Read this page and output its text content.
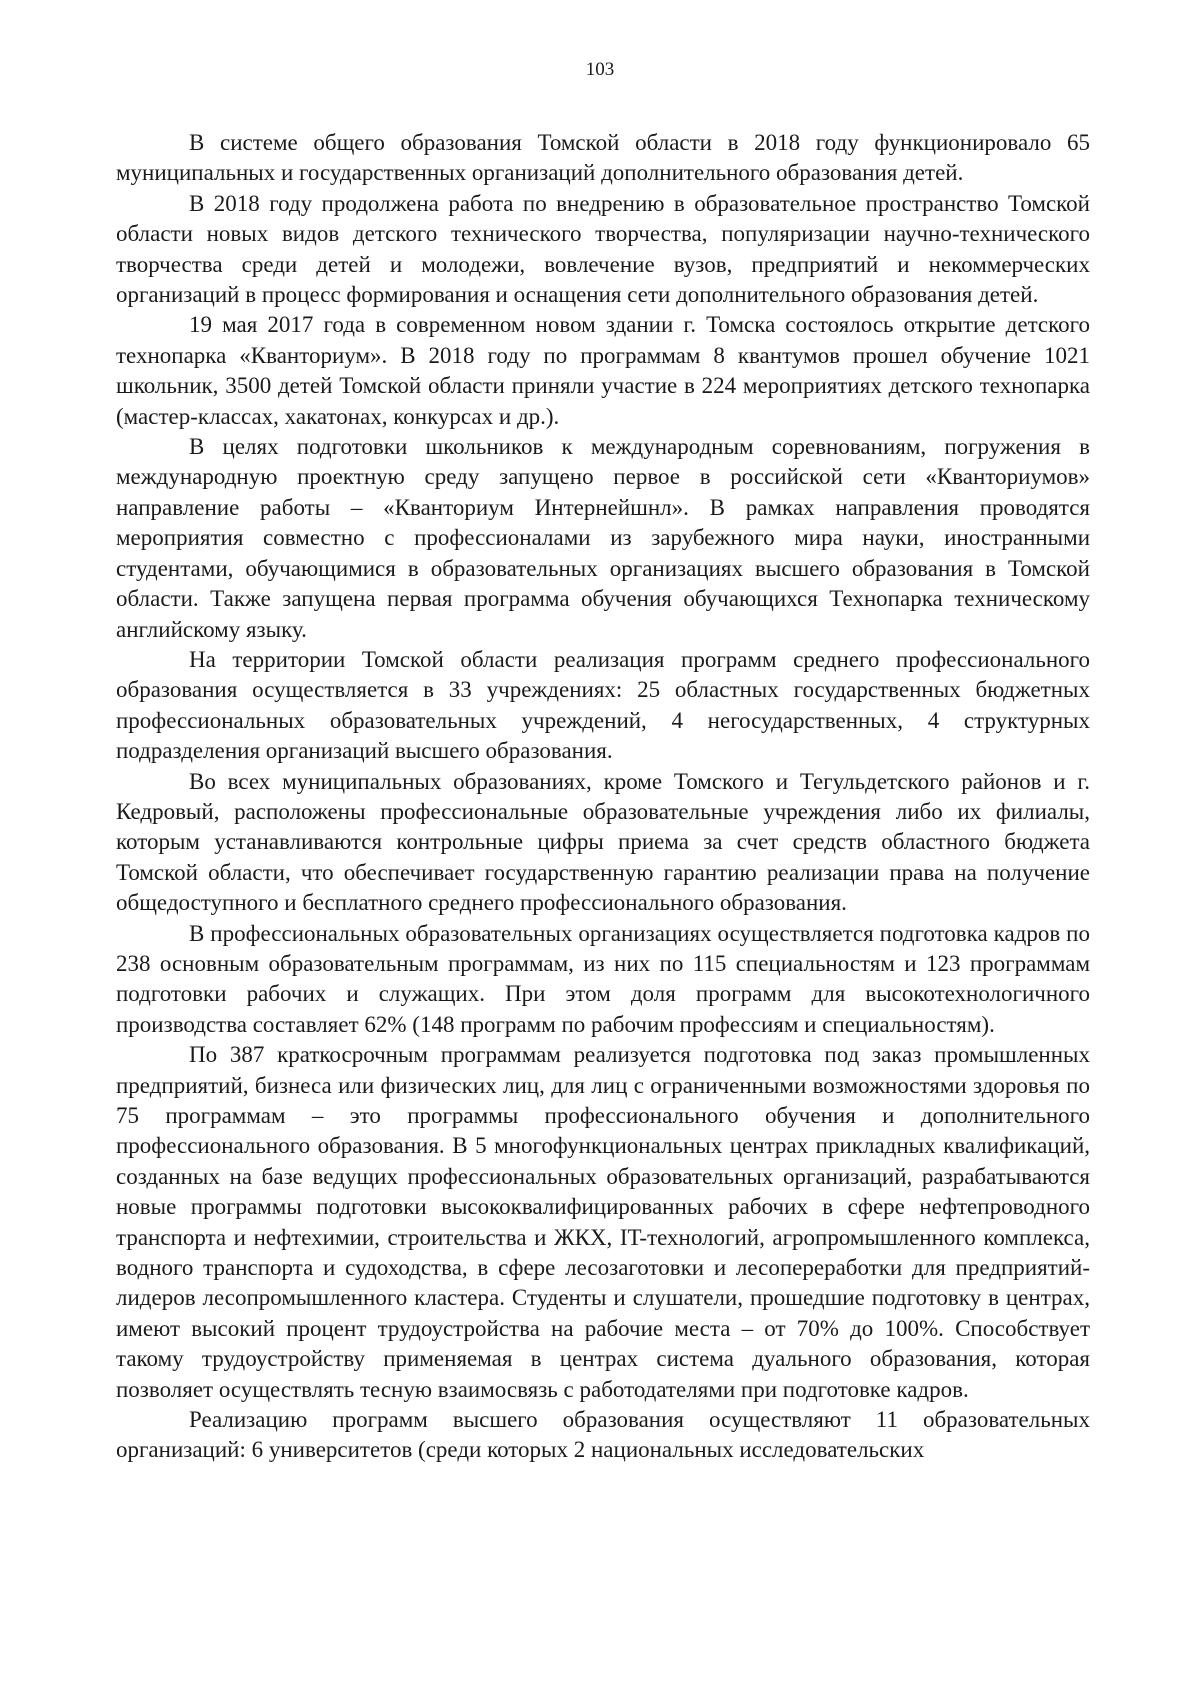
103

В системе общего образования Томской области в 2018 году функционировало 65 муниципальных и государственных организаций дополнительного образования детей.

В 2018 году продолжена работа по внедрению в образовательное пространство Томской области новых видов детского технического творчества, популяризации научно-технического творчества среди детей и молодежи, вовлечение вузов, предприятий и некоммерческих организаций в процесс формирования и оснащения сети дополнительного образования детей.

19 мая 2017 года в современном новом здании г. Томска состоялось открытие детского технопарка «Кванториум». В 2018 году по программам 8 квантумов прошел обучение 1021 школьник, 3500 детей Томской области приняли участие в 224 мероприятиях детского технопарка (мастер-классах, хакатонах, конкурсах и др.).

В целях подготовки школьников к международным соревнованиям, погружения в международную проектную среду запущено первое в российской сети «Кванториумов» направление работы – «Кванториум Интернейшнл». В рамках направления проводятся мероприятия совместно с профессионалами из зарубежного мира науки, иностранными студентами, обучающимися в образовательных организациях высшего образования в Томской области. Также запущена первая программа обучения обучающихся Технопарка техническому английскому языку.

На территории Томской области реализация программ среднего профессионального образования осуществляется в 33 учреждениях: 25 областных государственных бюджетных профессиональных образовательных учреждений, 4 негосударственных, 4 структурных подразделения организаций высшего образования.

Во всех муниципальных образованиях, кроме Томского и Тегульдетского районов и г. Кедровый, расположены профессиональные образовательные учреждения либо их филиалы, которым устанавливаются контрольные цифры приема за счет средств областного бюджета Томской области, что обеспечивает государственную гарантию реализации права на получение общедоступного и бесплатного среднего профессионального образования.

В профессиональных образовательных организациях осуществляется подготовка кадров по 238 основным образовательным программам, из них по 115 специальностям и 123 программам подготовки рабочих и служащих. При этом доля программ для высокотехнологичного производства составляет 62% (148 программ по рабочим профессиям и специальностям).

По 387 краткосрочным программам реализуется подготовка под заказ промышленных предприятий, бизнеса или физических лиц, для лиц с ограниченными возможностями здоровья по 75 программам – это программы профессионального обучения и дополнительного профессионального образования. В 5 многофункциональных центрах прикладных квалификаций, созданных на базе ведущих профессиональных образовательных организаций, разрабатываются новые программы подготовки высококвалифицированных рабочих в сфере нефтепроводного транспорта и нефтехимии, строительства и ЖКХ, IT-технологий, агропромышленного комплекса, водного транспорта и судоходства, в сфере лесозаготовки и лесопереработки для предприятий-лидеров лесопромышленного кластера. Студенты и слушатели, прошедшие подготовку в центрах, имеют высокий процент трудоустройства на рабочие места – от 70% до 100%. Способствует такому трудоустройству применяемая в центрах система дуального образования, которая позволяет осуществлять тесную взаимосвязь с работодателями при подготовке кадров.

Реализацию программ высшего образования осуществляют 11 образовательных организаций: 6 университетов (среди которых 2 национальных исследовательских
